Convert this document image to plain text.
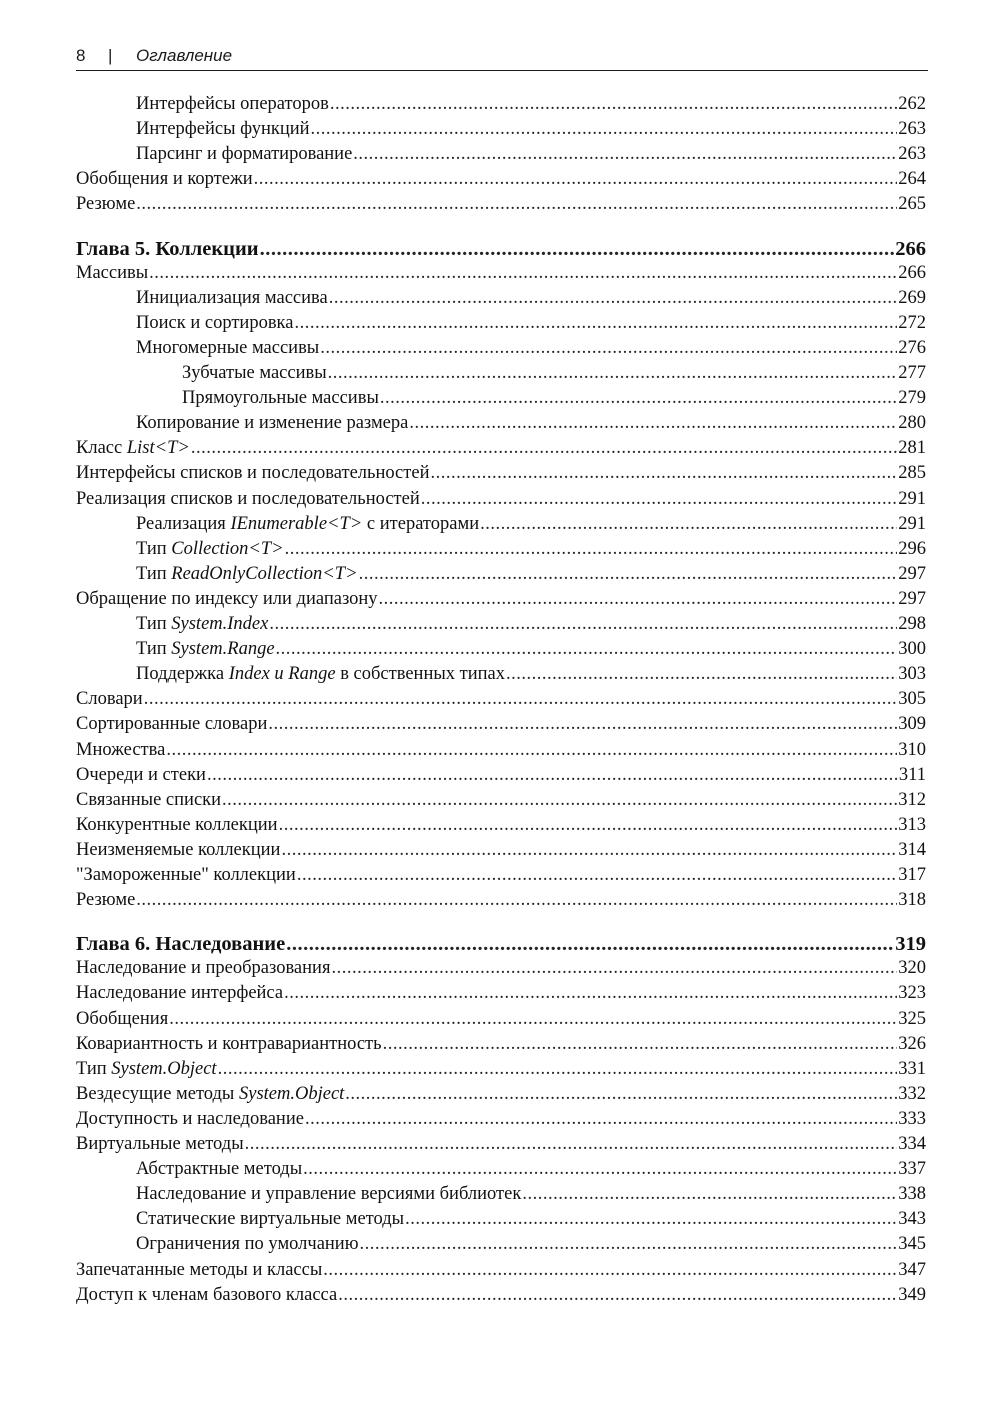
8 | Оглавление
Интерфейсы операторов .....	262
Интерфейсы функций .....	263
Парсинг и форматирование .....	263
Обобщения и кортежи .....	264
Резюме .....	265
Глава 5. Коллекции .....	266
Массивы .....	266
Инициализация массива .....	269
Поиск и сортировка .....	272
Многомерные массивы .....	276
Зубчатые массивы .....	277
Прямоугольные массивы .....	279
Копирование и изменение размера .....	280
Класс List<T> .....	281
Интерфейсы списков и последовательностей .....	285
Реализация списков и последовательностей .....	291
Реализация IEnumerable<T> с итераторами .....	291
Тип Collection<T> .....	296
Тип ReadOnlyCollection<T> .....	297
Обращение по индексу или диапазону .....	297
Тип System.Index .....	298
Тип System.Range .....	300
Поддержка Index и Range в собственных типах .....	303
Словари .....	305
Сортированные словари .....	309
Множества .....	310
Очереди и стеки .....	311
Связанные списки .....	312
Конкурентные коллекции .....	313
Неизменяемые коллекции .....	314
"Замороженные" коллекции .....	317
Резюме .....	318
Глава 6. Наследование .....	319
Наследование и преобразования .....	320
Наследование интерфейса .....	323
Обобщения .....	325
Ковариантность и контравариантность .....	326
Тип System.Object .....	331
Вездесущие методы System.Object .....	332
Доступность и наследование .....	333
Виртуальные методы .....	334
Абстрактные методы .....	337
Наследование и управление версиями библиотек .....	338
Статические виртуальные методы .....	343
Ограничения по умолчанию .....	345
Запечатанные методы и классы .....	347
Доступ к членам базового класса .....	349
